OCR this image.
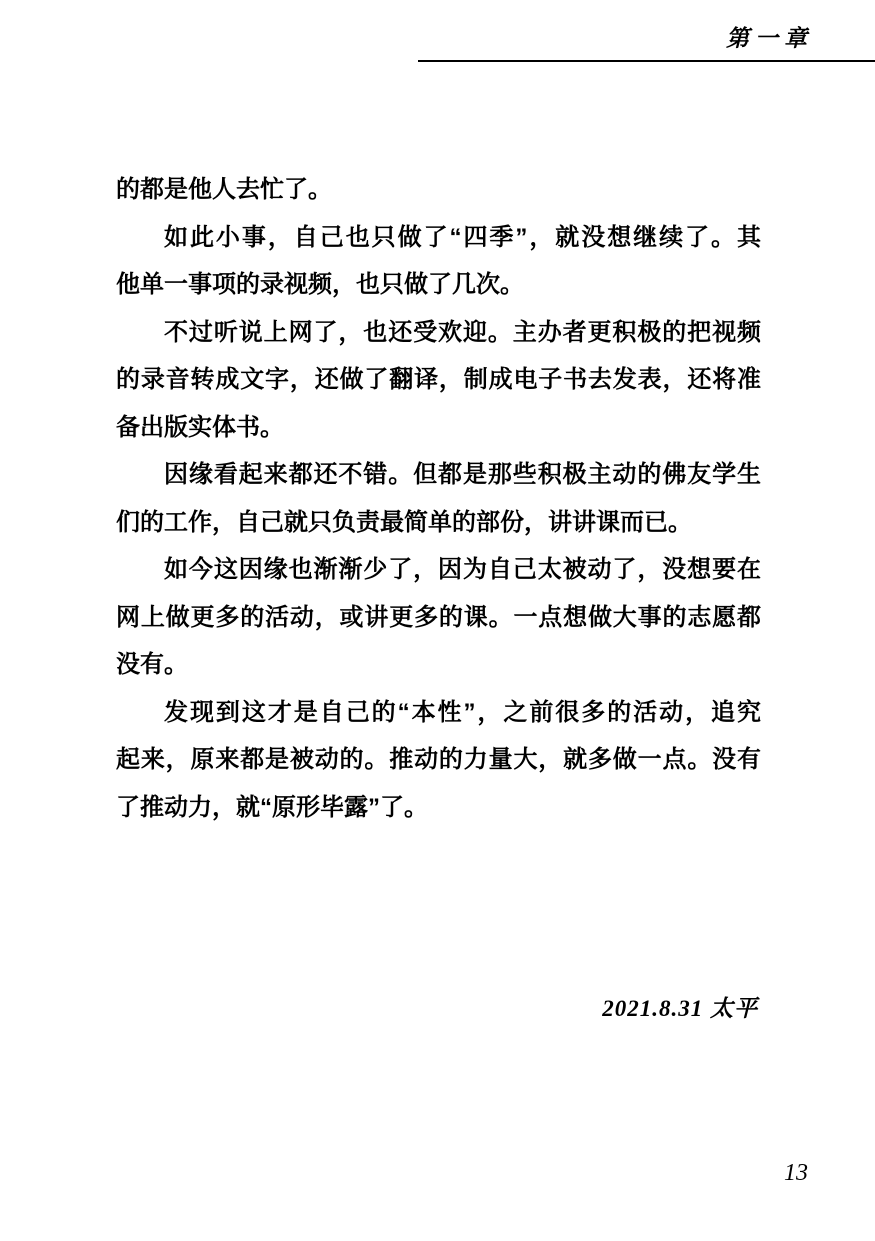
第一章
的都是他人去忙了。
如此小事，自己也只做了“四季”，就没想继续了。其
他单一事项的录视频，也只做了几次。
不过听说上网了，也还受欢迎。主办者更积极的把视频
的录音转成文字，还做了翻译，制成电子书去发表，还将准
备出版实体书。
因缘看起来都还不错。但都是那些积极主动的佛友学生
们的工作，自己就只负责最简单的部份，讲讲课而已。
如今这因缘也渐渐少了，因为自己太被动了，没想要在
网上做更多的活动，或讲更多的课。一点想做大事的志愿都
没有。
发现到这才是自己的“本性”，之前很多的活动，追究
起来，原来都是被动的。推动的力量大，就多做一点。没有
了推动力，就“原形毕露”了。
2021.8.31 太平
13
